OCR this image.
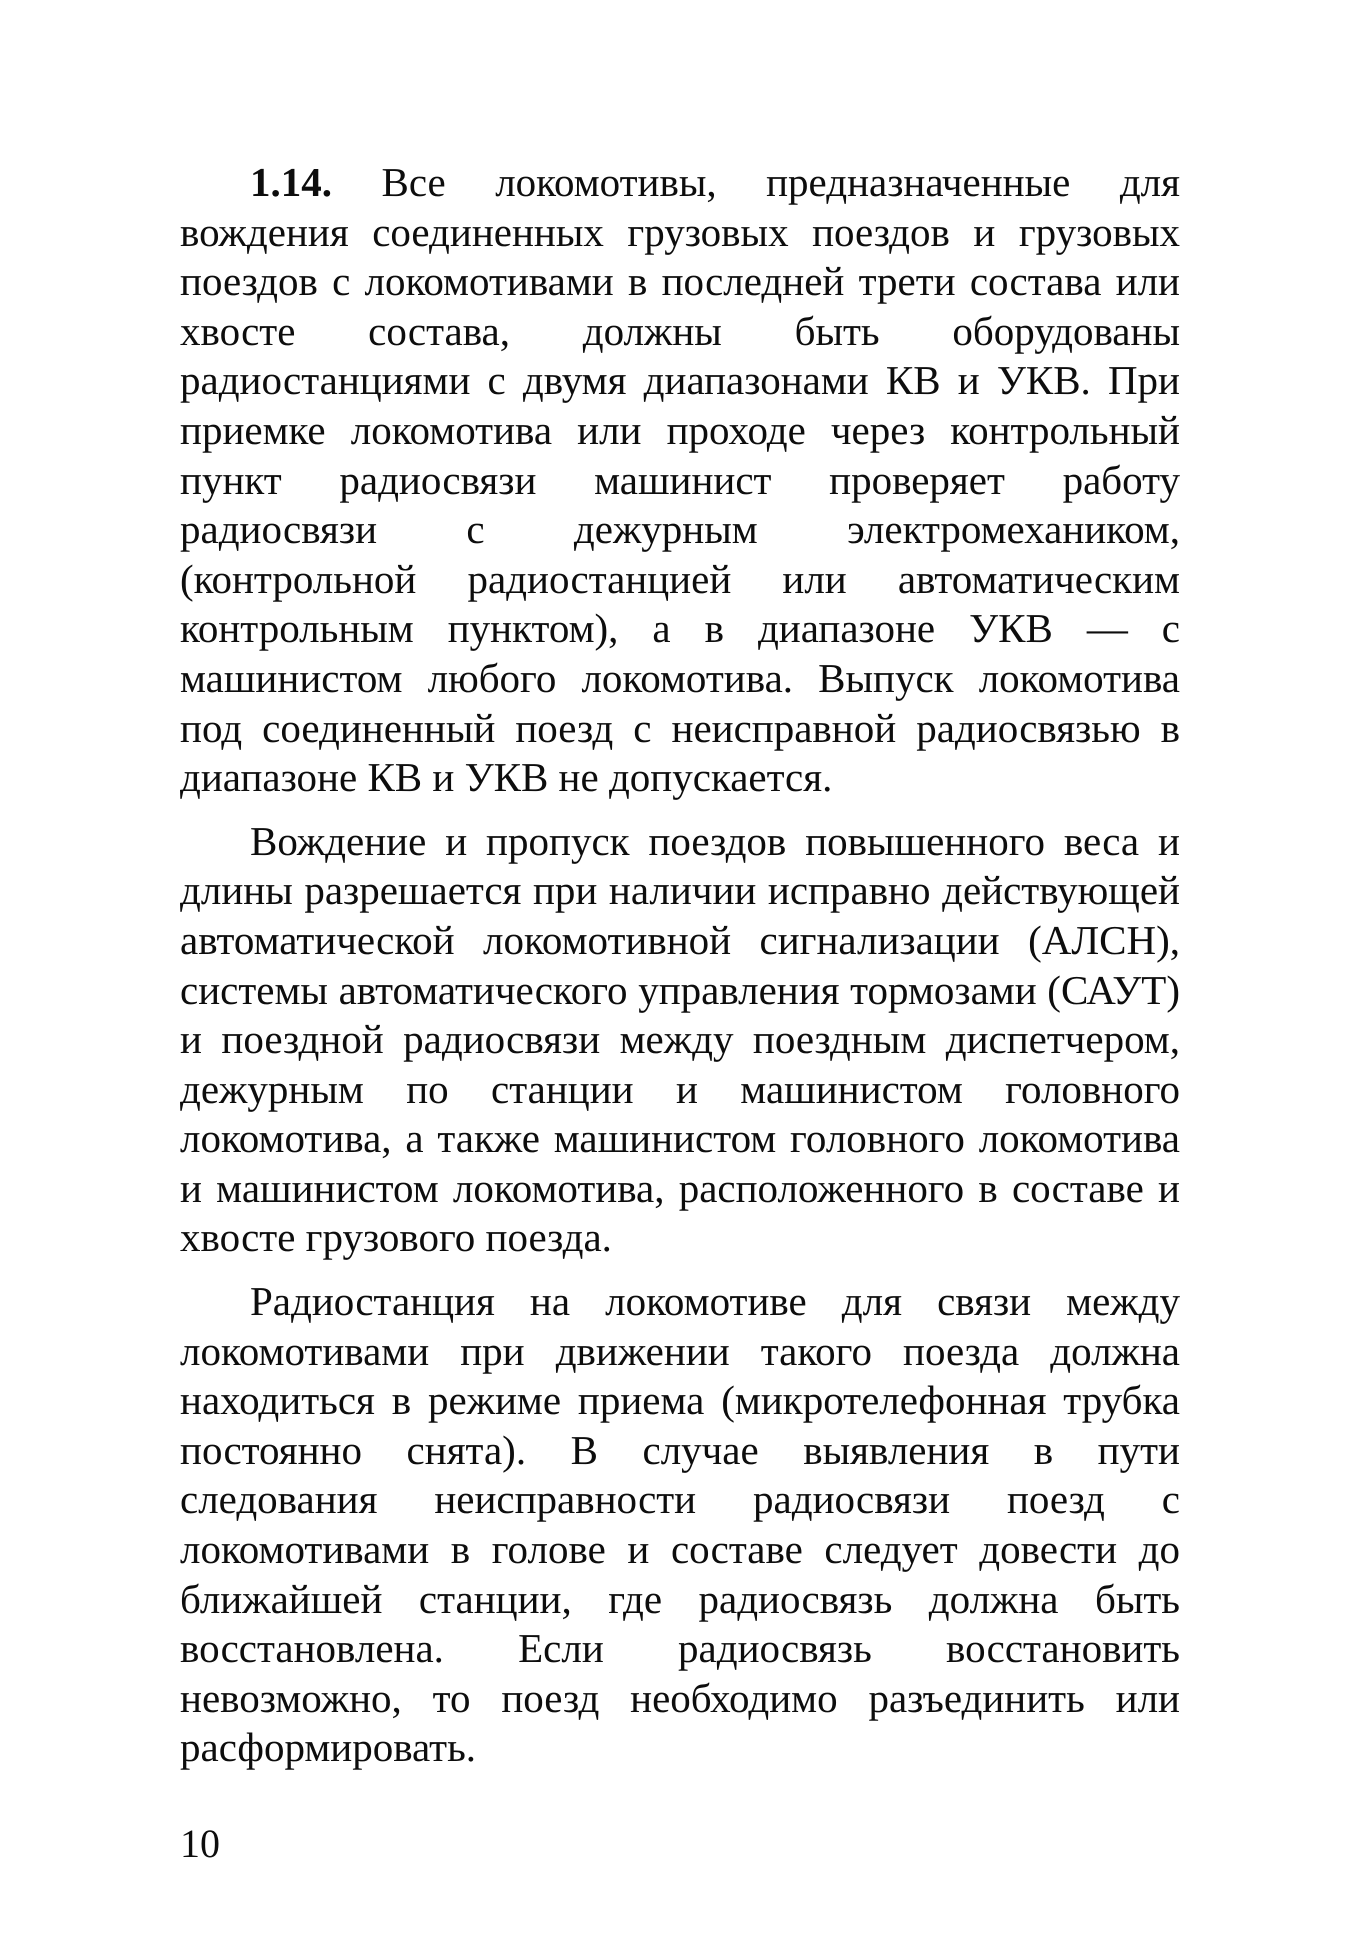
1.14. Все локомотивы, предназначенные для вождения соединенных грузовых поездов и грузовых поездов с локомотивами в последней трети состава или хвосте состава, должны быть оборудованы радиостанциями с двумя диапазонами КВ и УКВ. При приемке локомотива или проходе через контрольный пункт радиосвязи машинист проверяет работу радиосвязи с дежурным электромехаником, (контрольной радиостанцией или автоматическим контрольным пунктом), а в диапазоне УКВ — с машинистом любого локомотива. Выпуск локомотива под соединенный поезд с неисправной радиосвязью в диапазоне КВ и УКВ не допускается.

Вождение и пропуск поездов повышенного веса и длины разрешается при наличии исправно действующей автоматической локомотивной сигнализации (АЛСН), системы автоматического управления тормозами (САУТ) и поездной радиосвязи между поездным диспетчером, дежурным по станции и машинистом головного локомотива, а также машинистом головного локомотива и машинистом локомотива, расположенного в составе и хвосте грузового поезда.

Радиостанция на локомотиве для связи между локомотивами при движении такого поезда должна находиться в режиме приема (микротелефонная трубка постоянно снята). В случае выявления в пути следования неисправности радиосвязи поезд с локомотивами в голове и составе следует довести до ближайшей станции, где радиосвязь должна быть восстановлена. Если радиосвязь восстановить невозможно, то поезд необходимо разъединить или расформировать.

10
